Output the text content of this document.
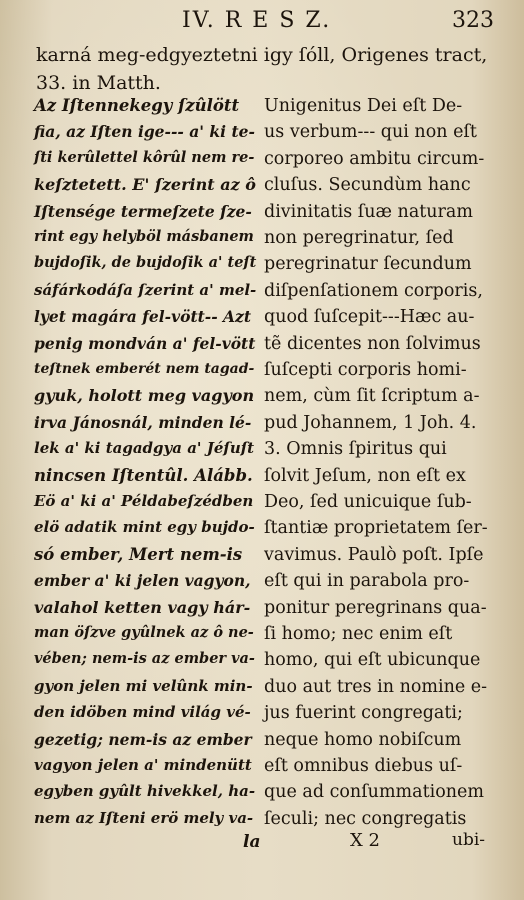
IV. R E S Z.	323
karná meg-edgyeztetni igy ſóll, Origenes tract,
33. in Matth.
Az Iſtennekegy ſzûlött
fia, az Iſten ige--- a' ki te-
ſti kerûlettel kôrûl nem re-
keſztetett. E' ſzerint az ô
Iſtensége termeſzete ſze-
rint egy helyböl másbanem
bujdoſik, de bujdoſik a' teſt
sáfárkodáſa ſzerint a' mel-
lyet magára fel-vött-- Azt
penig mondván a' fel-vött
teſtnek emberét nem tagad-
gyuk, holott meg vagyon
irva Jánosnál, minden lé-
lek a' ki tagadgya a' Jéſuſt
nincsen Iſtentûl. Alább.
Eö a' ki a' Példabeſzédben
elö adatik mint egy bujdo-
só ember, Mert nem-is
ember a' ki jelen vagyon,
valahol ketten vagy hár-
man öſzve gyûlnek az ô ne-
vében; nem-is az ember va-
gyon jelen mi velûnk min-
den idöben mind világ vé-
gezetig; nem-is az ember
vagyon jelen a' mindenütt
egyben gyûlt hivekkel, ha-
nem az Iſteni erö mely va-
Unigenitus Dei eſt De-
us verbum--- qui non eſt
corporeo ambitu circum-
cluſus. Secundùm hanc
divinitatis ſuæ naturam
non peregrinatur, ſed
peregrinatur ſecundum
diſpenſationem corporis,
quod ſuſcepit---Hæc au-
tẽ dicentes non ſolvimus
ſuſcepti corporis homi-
nem, cùm ſit ſcriptum a-
pud Johannem, 1 Joh. 4.
3. Omnis ſpiritus qui
ſolvit Jeſum, non eſt ex
Deo, ſed unicuique ſub-
ſtantiæ proprietatem ſer-
vavimus. Paulò poſt. Ipſe
eſt qui in parabola pro-
ponitur peregrinans qua-
ſi homo; nec enim eſt
homo, qui eſt ubicunque
duo aut tres in nomine e-
jus fuerint congregati;
neque homo nobiſcum
eſt omnibus diebus uſ-
que ad conſummationem
ſeculi; nec congregatis
la	X 2	ubi-
